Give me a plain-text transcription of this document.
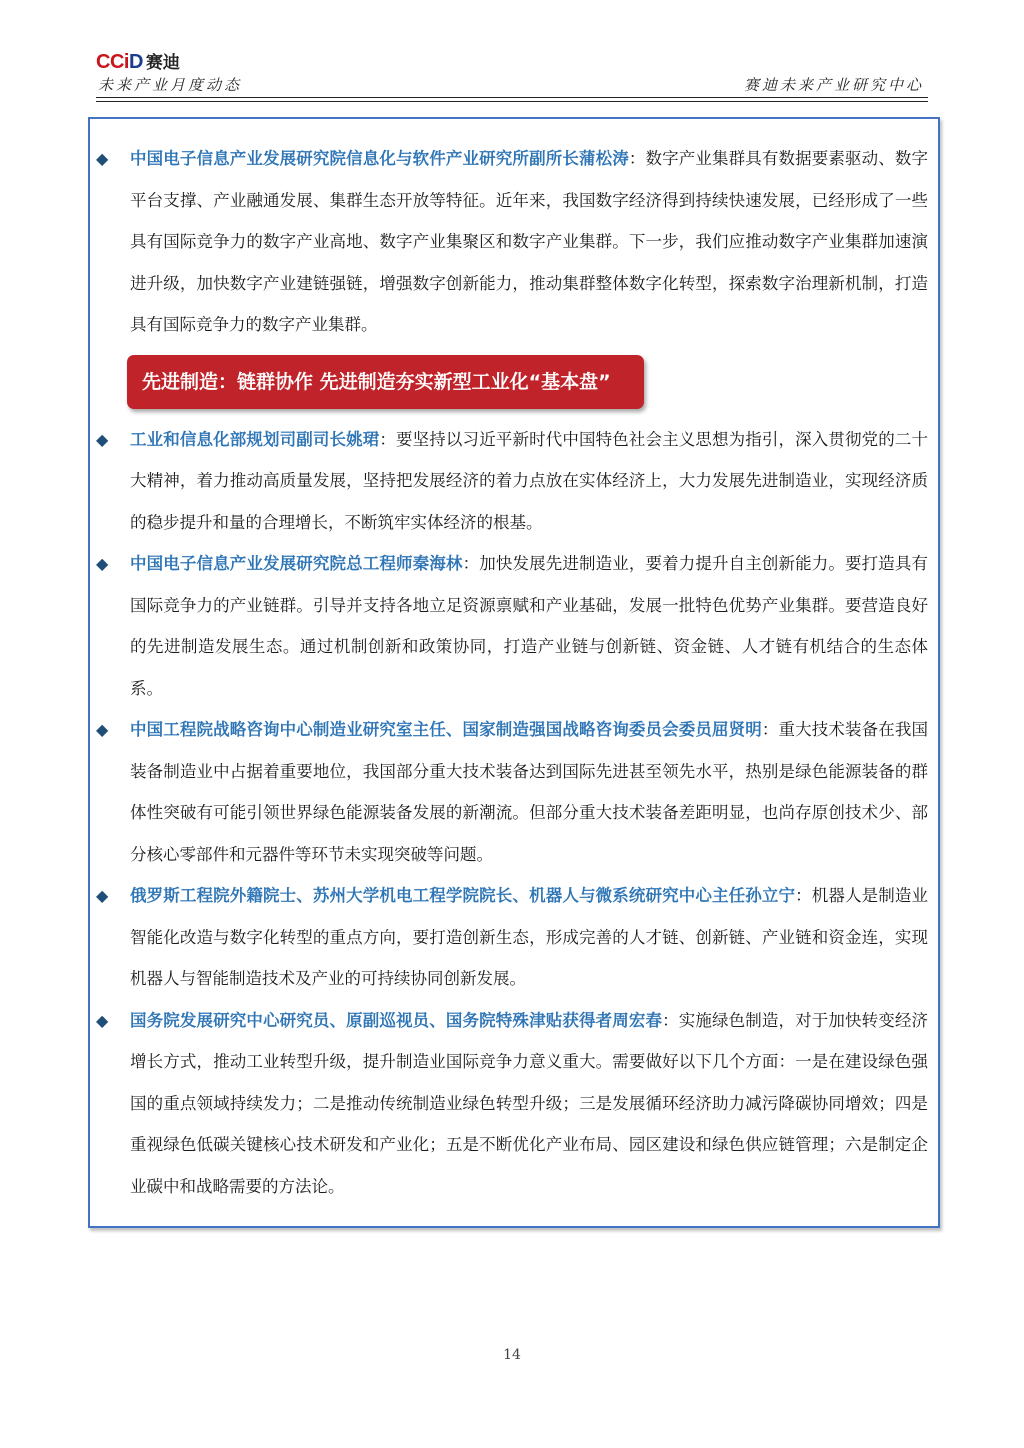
CCiD 赛迪
未来产业月度动态	赛迪未来产业研究中心
◆ 中国电子信息产业发展研究院信息化与软件产业研究所副所长蒲松涛：数字产业集群具有数据要素驱动、数字平台支撑、产业融通发展、集群生态开放等特征。近年来，我国数字经济得到持续快速发展，已经形成了一些具有国际竞争力的数字产业高地、数字产业集聚区和数字产业集群。下一步，我们应推动数字产业集群加速演进升级，加快数字产业建链强链，增强数字创新能力，推动集群整体数字化转型，探索数字治理新机制，打造具有国际竞争力的数字产业集群。
先进制造：链群协作 先进制造夯实新型工业化“基本盘”
◆ 工业和信息化部规划司副司长姚珺：要坚持以习近平新时代中国特色社会主义思想为指引，深入贯彻党的二十大精神，着力推动高质量发展，坚持把发展经济的着力点放在实体经济上，大力发展先进制造业，实现经济质的稳步提升和量的合理增长，不断筑牢实体经济的根基。
◆ 中国电子信息产业发展研究院总工程师秦海林：加快发展先进制造业，要着力提升自主创新能力。要打造具有国际竞争力的产业链群。引导并支持各地立足资源禀赋和产业基础，发展一批特色优势产业集群。要营造良好的先进制造发展生态。通过机制创新和政策协同，打造产业链与创新链、资金链、人才链有机结合的生态体系。
◆ 中国工程院战略咨询中心制造业研究室主任、国家制造强国战略咨询委员会委员屈贤明：重大技术装备在我国装备制造业中占据着重要地位，我国部分重大技术装备达到国际先进甚至领先水平，热别是绿色能源装备的群体性突破有可能引领世界绿色能源装备发展的新潮流。但部分重大技术装备差距明显，也尚存原创技术少、部分核心零部件和元器件等环节未实现突破等问题。
◆ 俄罗斯工程院外籍院士、苏州大学机电工程学院院长、机器人与微系统研究中心主任孙立宁：机器人是制造业智能化改造与数字化转型的重点方向，要打造创新生态，形成完善的人才链、创新链、产业链和资金连，实现机器人与智能制造技术及产业的可持续协同创新发展。
◆ 国务院发展研究中心研究员、原副巡视员、国务院特殊津贴获得者周宏春：实施绿色制造，对于加快转变经济增长方式，推动工业转型升级，提升制造业国际竞争力意义重大。需要做好以下几个方面：一是在建设绿色强国的重点领域持续发力；二是推动传统制造业绿色转型升级；三是发展循环经济助力减污降碳协同增效；四是重视绿色低碳关键核心技术研发和产业化；五是不断优化产业布局、园区建设和绿色供应链管理；六是制定企业碳中和战略需要的方法论。
14
